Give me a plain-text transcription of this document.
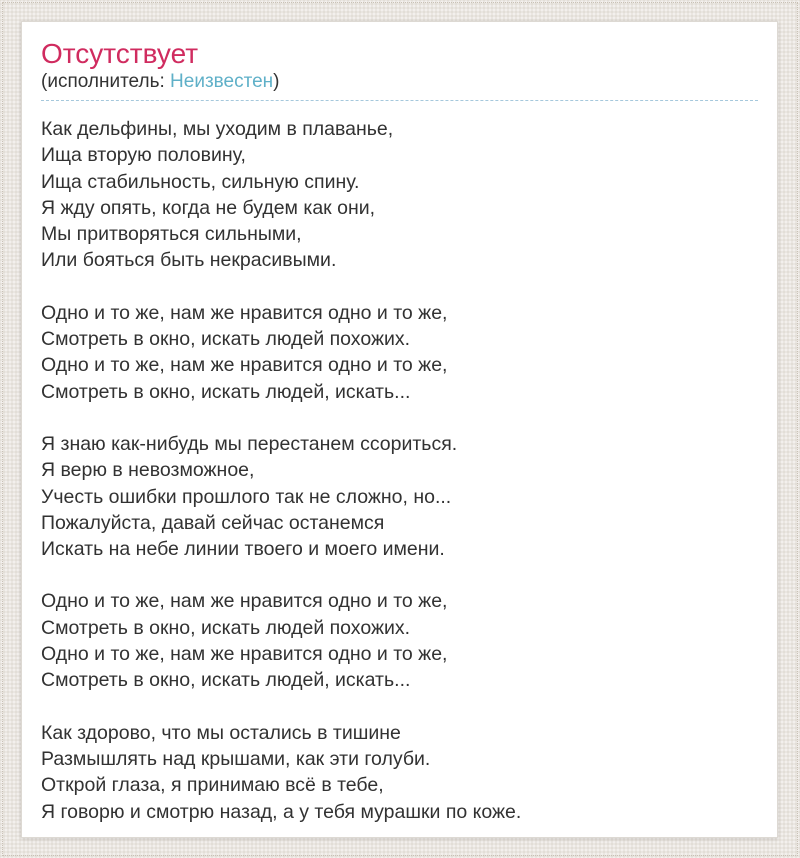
Отсутствует
(исполнитель: Неизвестен)

Как дельфины, мы уходим в плаванье,
Ища вторую половину,
Ища стабильность, сильную спину.
Я жду опять, когда не будем как они,
Мы притворяться сильными,
Или бояться быть некрасивыми.

Одно и то же, нам же нравится одно и то же,
Смотреть в окно, искать людей похожих.
Одно и то же, нам же нравится одно и то же,
Смотреть в окно, искать людей, искать...

Я знаю как-нибудь мы перестанем ссориться.
Я верю в невозможное,
Учесть ошибки прошлого так не сложно, но...
Пожалуйста, давай сейчас останемся
Искать на небе линии твоего и моего имени.

Одно и то же, нам же нравится одно и то же,
Смотреть в окно, искать людей похожих.
Одно и то же, нам же нравится одно и то же,
Смотреть в окно, искать людей, искать...

Как здорово, что мы остались в тишине
Размышлять над крышами, как эти голуби.
Открой глаза, я принимаю всё в тебе,
Я говорю и смотрю назад, а у тебя мурашки по коже.
